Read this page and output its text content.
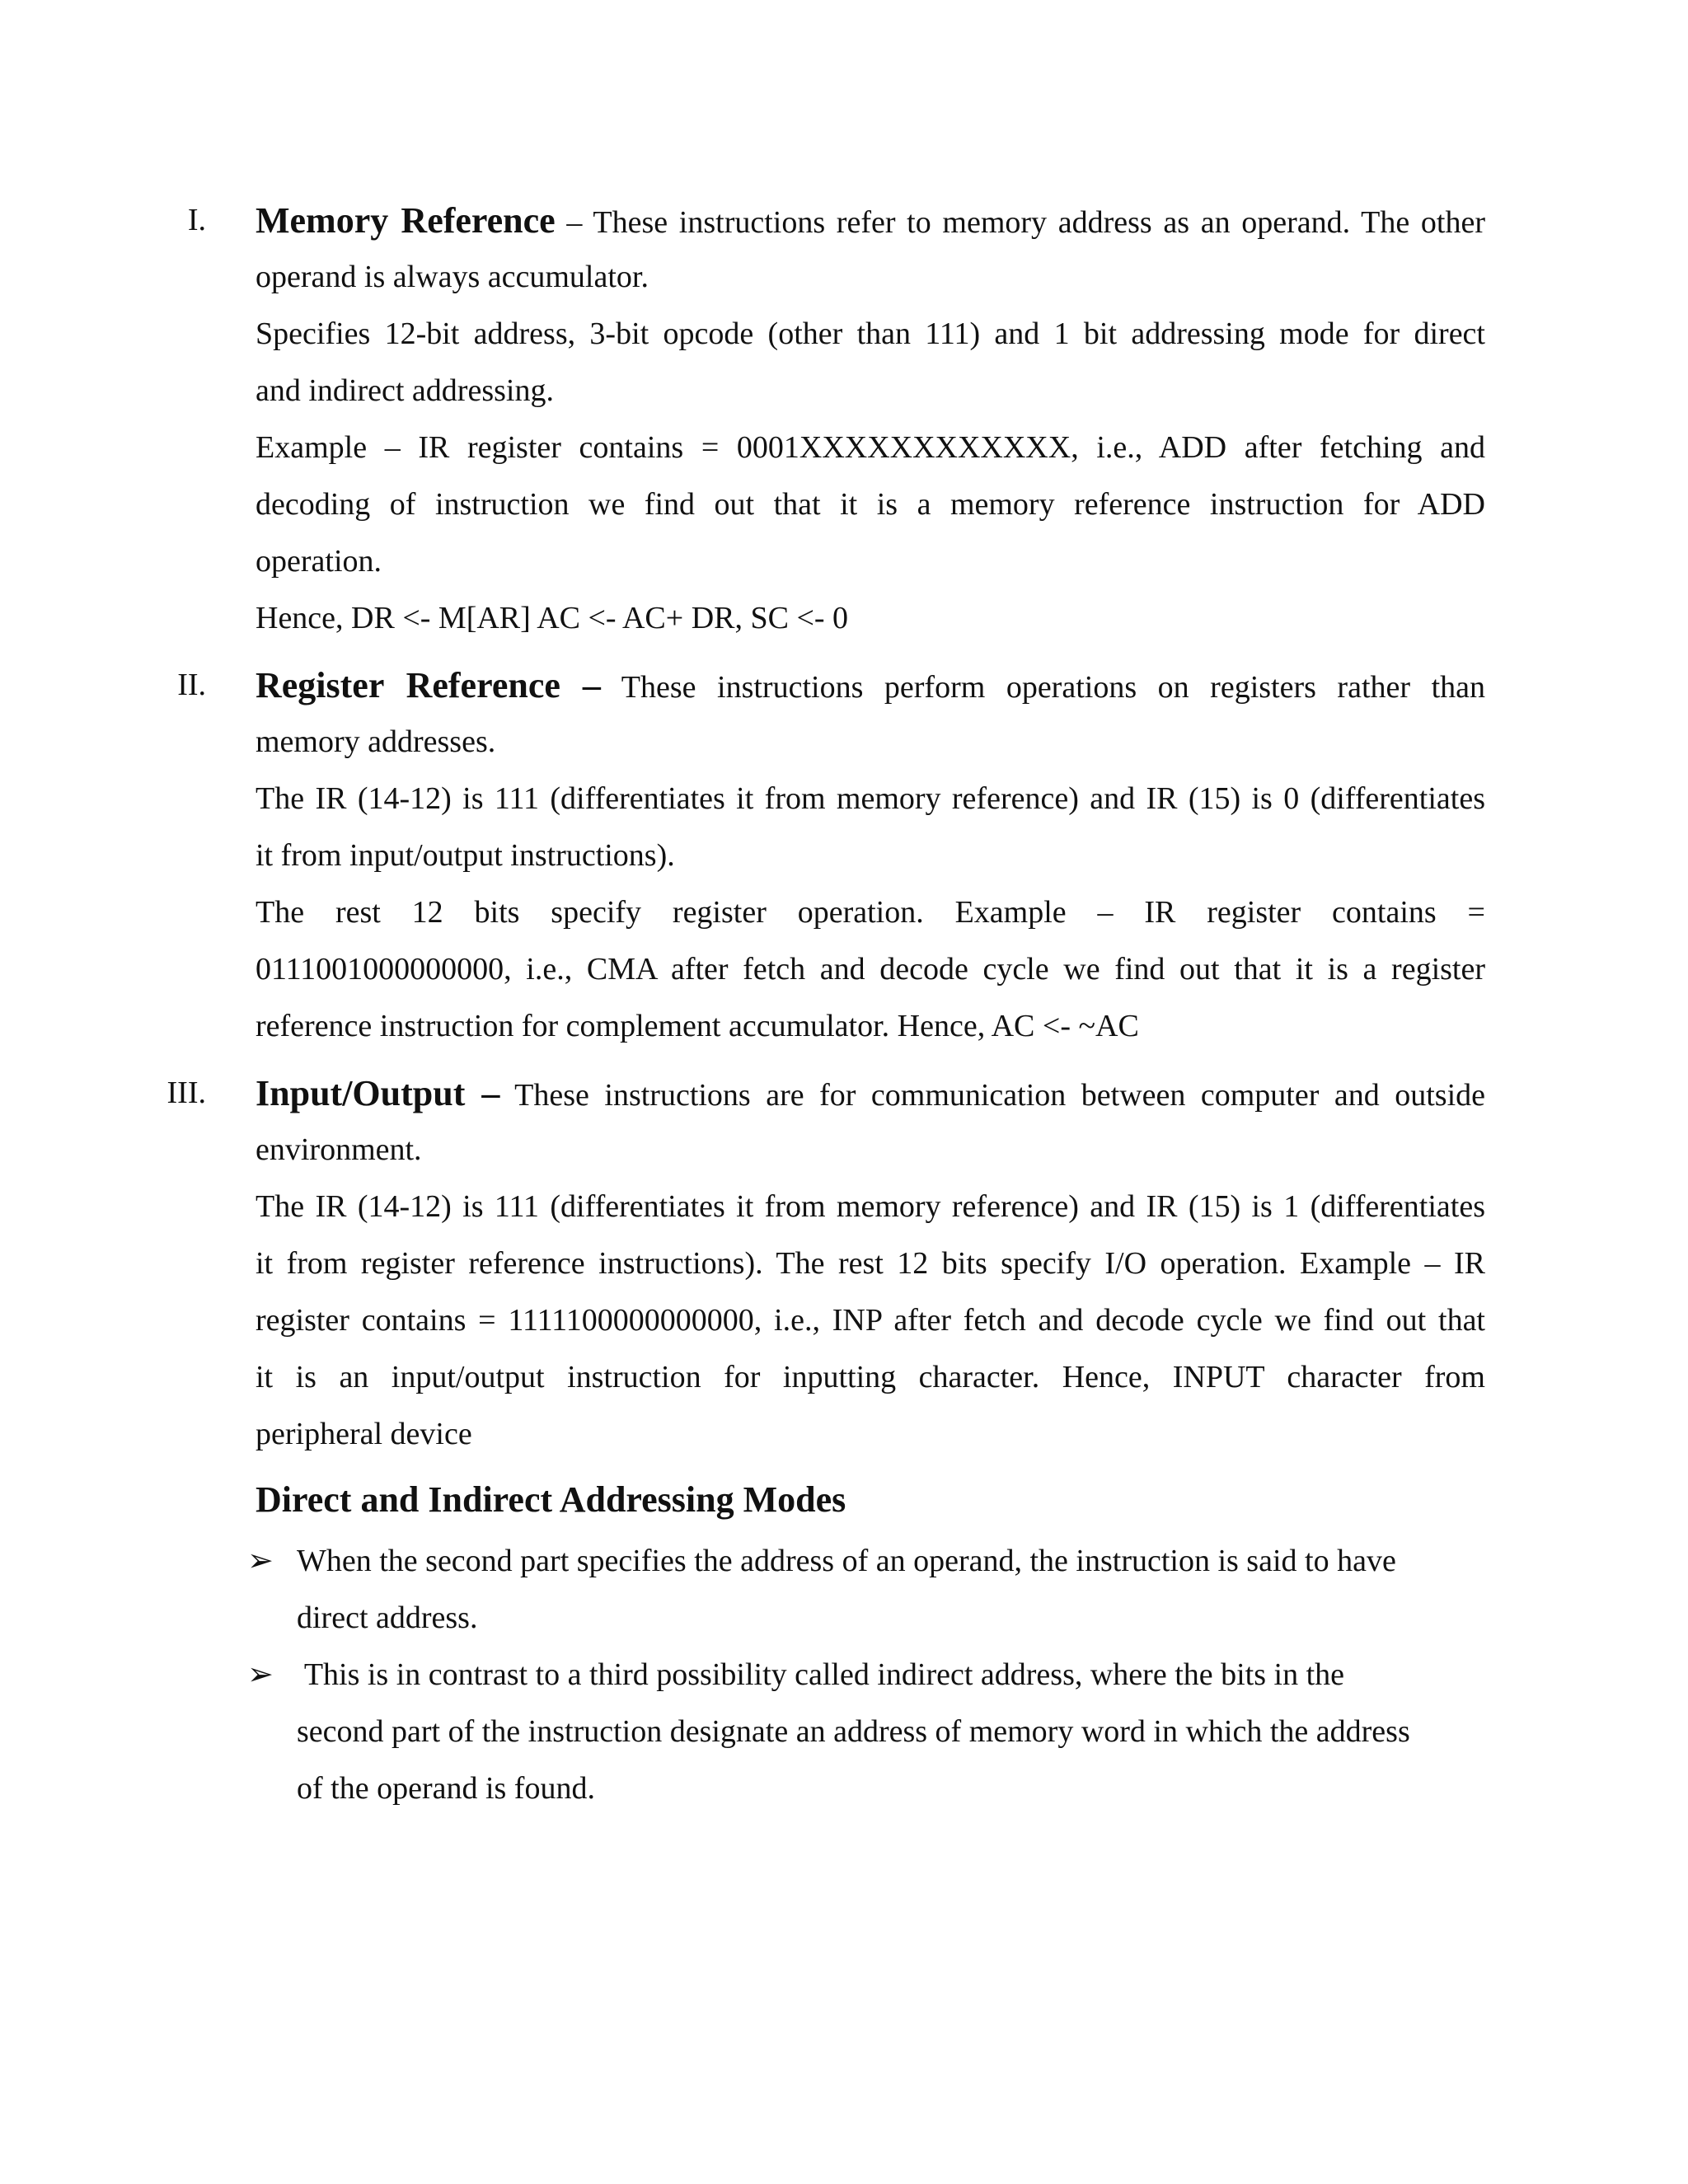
I. Memory Reference – These instructions refer to memory address as an operand. The other

operand is always accumulator.

Specifies 12-bit address, 3-bit opcode (other than 111) and 1 bit addressing mode for direct

and indirect addressing.

Example – IR register contains = 0001XXXXXXXXXXXX, i.e., ADD after fetching and

decoding of instruction we find out that it is a memory reference instruction for ADD

operation.

Hence, DR <- M[AR] AC <- AC+ DR, SC <- 0

II. Register Reference – These instructions perform operations on registers rather than

memory addresses.

The IR (14-12) is 111 (differentiates it from memory reference) and IR (15) is 0 (differentiates

it from input/output instructions).

The rest 12 bits specify register operation. Example – IR register contains =

0111001000000000, i.e., CMA after fetch and decode cycle we find out that it is a register

reference instruction for complement accumulator. Hence, AC <- ~AC

III. Input/Output – These instructions are for communication between computer and outside

environment.

The IR (14-12) is 111 (differentiates it from memory reference) and IR (15) is 1 (differentiates

it from register reference instructions). The rest 12 bits specify I/O operation. Example – IR

register contains = 1111100000000000, i.e., INP after fetch and decode cycle we find out that

it is an input/output instruction for inputting character. Hence, INPUT character from

peripheral device

Direct and Indirect Addressing Modes
➢ When the second part specifies the address of an operand, the instruction is said to have

direct address.

➢ This is in contrast to a third possibility called indirect address, where the bits in the

second part of the instruction designate an address of memory word in which the address

of the operand is found.
